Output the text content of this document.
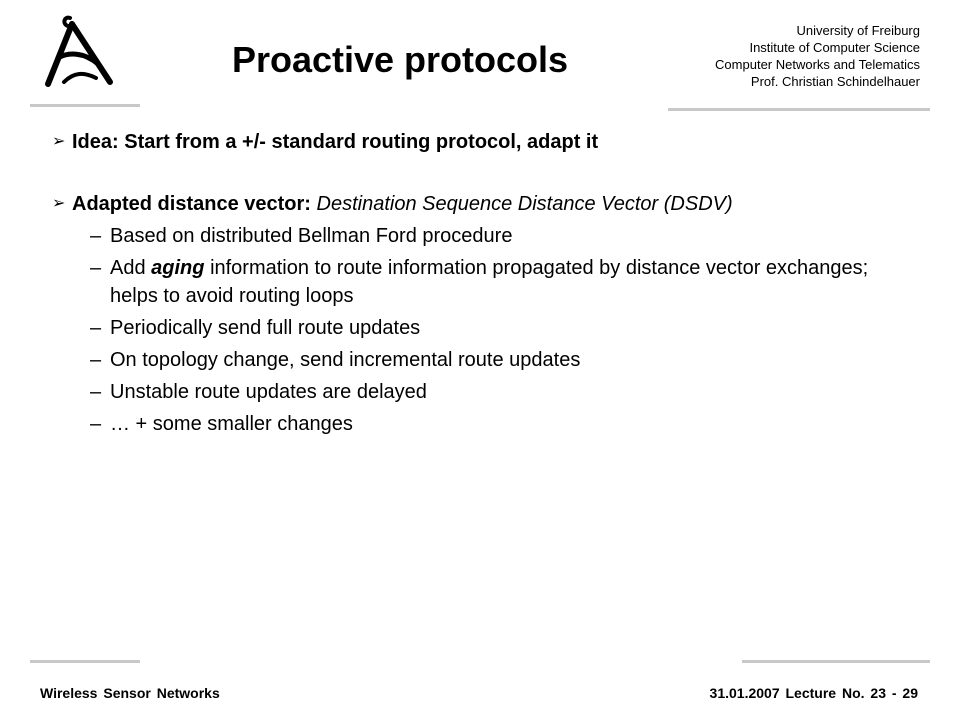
Proactive protocols
University of Freiburg
Institute of Computer Science
Computer Networks and Telematics
Prof. Christian Schindelhauer
➢ Idea: Start from a +/- standard routing protocol, adapt it
➢ Adapted distance vector: Destination Sequence Distance Vector (DSDV)
– Based on distributed Bellman Ford procedure
– Add aging information to route information propagated by distance vector exchanges; helps to avoid routing loops
– Periodically send full route updates
– On topology change, send incremental route updates
– Unstable route updates are delayed
– … + some smaller changes
Wireless Sensor Networks	31.01.2007 Lecture No. 23 - 29
